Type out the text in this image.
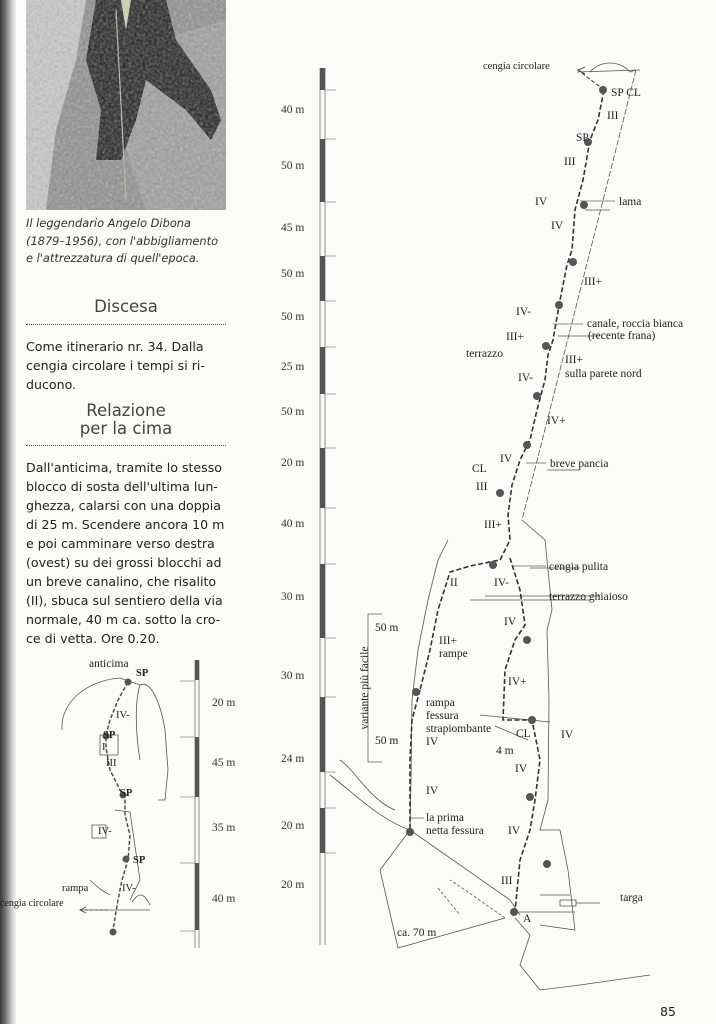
Il leggendario Angelo Dibona
(1879–1956), con l'abbigliamento
e l'attrezzatura di quell'epoca.
Discesa
Come itinerario nr. 34. Dalla
cengia circolare i tempi si ri-
ducono.
Relazione
per la cima
Dall'anticima, tramite lo stesso
blocco di sosta dell'ultima lun-
ghezza, calarsi con una doppia
di 25 m. Scendere ancora 10 m
e poi camminare verso destra
(ovest) su dei grossi blocchi ad
un breve canalino, che risalito
(II), sbuca sul sentiero della via
normale, 40 m ca. sotto la cro-
ce di vetta. Ore 0.20.
anticima
SP
IV-
SP
I
III
SP
IV-
SP
rampa	IV-
cengia circolare
20 m
45 m
35 m
40 m
40 m
50 m
45 m
50 m
50 m
25 m
50 m
20 m
40 m
30 m
30 m
24 m
20 m
20 m
variante più facile
50 m
50 m
cengia circolare
SP CL
III
SP
III
IV	lama
IV
III+
IV-
canale, roccia bianca
(recente frana)
III+
terrazzo	III+
sulla parete nord
IV-
IV+
IV	breve pancia
CL
III
III+
cengia pulita
II	IV-
terrazzo ghiaioso
IV
III+
rampe
IV+
rampa
fessura
strapiombante
IV
CL	IV
4 m
IV
IV
la prima
netta fessura IV
III
targa
A
ca. 70 m
85
